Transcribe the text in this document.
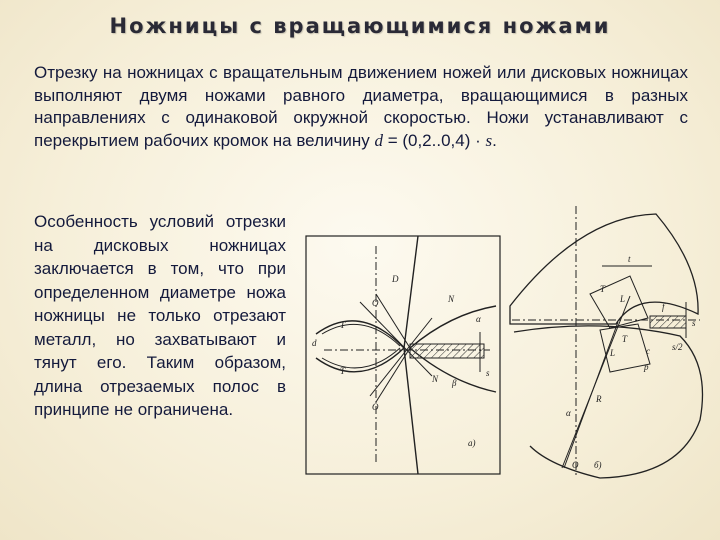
Ножницы с вращающимися ножами
Отрезку на ножницах с вращательным движением ножей или дисковых ножницах выполняют двумя ножами равного диаметра, вращающимися в разных направлениях с одинаковой окружной скоростью. Ножи устанавливают с перекрытием рабочих кромок на величину d = (0,2..0,4) · s.
Особенность условий отрезки на дисковых ножницах заключается в том, что при определенном диаметре ножа ножницы не только отрезают металл, но захватывают и тянут его. Таким образом, длина отрезаемых полос в принципе не ограничена.
D
O
T
N
α
d
T
N β
s
O
а)
t
T
L
f
s
T
L	c s/2
p
R
α
O б)
